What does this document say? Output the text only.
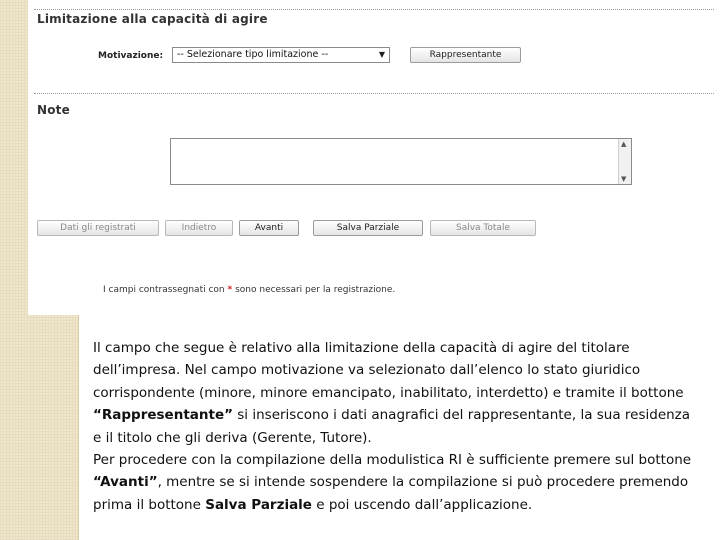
Limitazione alla capacità di agire
Motivazione:	-- Selezionare tipo limitazione --	▼	Rappresentante
Note
▲
▼
Dati gli registrati	Indietro	Avanti	Salva Parziale	Salva Totale
I campi contrassegnati con * sono necessari per la registrazione.

Il campo che segue è relativo alla limitazione della capacità di agire del titolare dell’impresa. Nel campo motivazione va selezionato dall’elenco lo stato giuridico corrispondente (minore, minore emancipato, inabilitato, interdetto) e tramite il bottone “Rappresentante” si inseriscono i dati anagrafici del rappresentante, la sua residenza e il titolo che gli deriva (Gerente, Tutore).

Per procedere con la compilazione della modulistica RI è sufficiente premere sul bottone “Avanti”, mentre se si intende sospendere la compilazione si può procedere premendo prima il bottone Salva Parziale e poi uscendo dall’applicazione.
